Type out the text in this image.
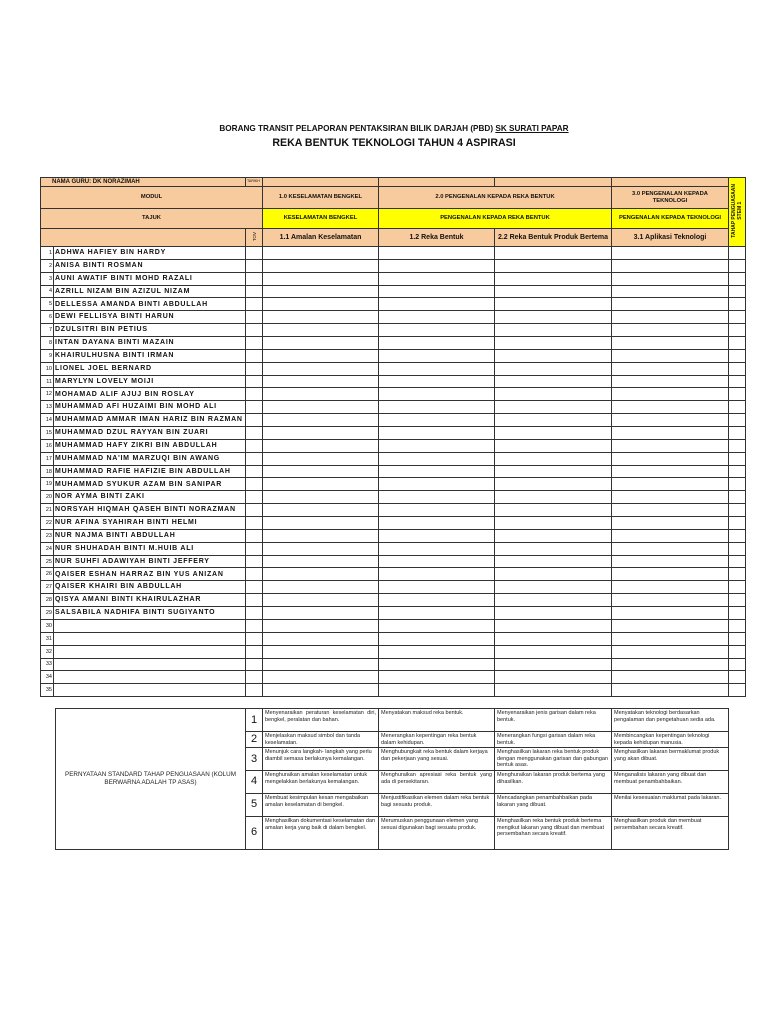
BORANG TRANSIT PELAPORAN PENTAKSIRAN BILIK DARJAH (PBD) SK SURATI PAPAR
REKA BENTUK TEKNOLOGI TAHUN 4 ASPIRASI
NAMA GURU: DK NORAZIMAH		TARIKH					TAHAP PENGUASAAN STEM 1

MODUL			1.0 KESELAMATAN BENGKEL	2.0 PENGENALAN KEPADA REKA BENTUK		3.0 PENGENALAN KEPADA TEKNOLOGI	
TAJUK			KESELAMATAN BENGKEL	PENGENALAN KEPADA REKA BENTUK		PENGENALAN KEPADA TEKNOLOGI	
		TOV	1.1 Amalan Keselamatan	1.2 Reka Bentuk	2.2 Reka Bentuk Produk Bertema	3.1 Aplikasi Teknologi	
1	ADHWA HAFIEY BIN HARDY						
2	ANISA BINTI ROSMAN						
3	AUNI AWATIF BINTI MOHD RAZALI						
4	AZRILL NIZAM BIN AZIZUL NIZAM						
5	DELLESSA AMANDA BINTI ABDULLAH						
6	DEWI FELLISYA BINTI HARUN						
7	DZULSITRI BIN PETIUS						
8	INTAN DAYANA BINTI MAZAIN						
9	KHAIRULHUSNA BINTI IRMAN						
10	LIONEL JOEL BERNARD						
11	MARYLYN LOVELY MOIJI						
12	MOHAMAD ALIF AJUJ BIN ROSLAY						
13	MUHAMMAD AFI HUZAIMI BIN MOHD ALI						
14	MUHAMMAD AMMAR IMAN HARIZ BIN RAZMAN						
15	MUHAMMAD DZUL RAYYAN BIN ZUARI						
16	MUHAMMAD HAFY ZIKRI BIN ABDULLAH						
17	MUHAMMAD NA'IM MARZUQI BIN AWANG						
18	MUHAMMAD RAFIE HAFIZIE BIN ABDULLAH						
19	MUHAMMAD SYUKUR AZAM BIN SANIPAR						
20	NOR AYMA BINTI ZAKI						
21	NORSYAH HIQMAH QASEH BINTI NORAZMAN						
22	NUR AFINA SYAHIRAH BINTI HELMI						
23	NUR NAJMA BINTI ABDULLAH						
24	NUR SHUHADAH BINTI M.HUIB ALI						
25	NUR SUHFI ADAWIYAH BINTI JEFFERY						
26	QAISER ESHAN HARRAZ BIN YUS ANIZAN						
27	QAISER KHAIRI BIN ABDULLAH						
28	QISYA AMANI BINTI KHAIRULAZHAR						
29	SALSABILA NADHIFA BINTI SUGIYANTO						
30							
31							
32							
33							
34							
35							
PERNYATAAN STANDARD TAHAP PENGUASAAN (KOLUM BERWARNA ADALAH TP ASAS)	1	Menyenaraikan peraturan keselamatan diri, bengkel, peralatan dan bahan.	Menyatakan maksud reka bentuk.	Menyenaraikan jenis garisan dalam reka bentuk.	Menyatakan teknologi berdasarkan pengalaman dan pengetahuan sedia ada.
	2	Menjelaskan maksud simbol dan tanda keselamatan.	Menerangkan kepentingan reka bentuk dalam kehidupan.	Menerangkan fungsi garisan dalam reka bentuk.	Membincangkan kepentingan teknologi kepada kehidupan manusia.
	3	Menunjuk cara langkah- langkah yang perlu diambil semasa berlakunya kemalangan.	Menghubungkait reka bentuk dalam kerjaya dan pekerjaan yang sesuai.	Menghasilkan lakaran reka bentuk produk dengan menggunakan garisan dan gabungan bentuk asas.	Menghasilkan lakaran bermaklumat produk yang akan dibuat.
	4	Menghuraikan amalan keselamatan untuk mengelakkan berlakunya kemalangan.	Menghuraikan apresiasi reka bentuk yang ada di persekitaran.	Menghuraikan lakaran produk bertema yang dihasilkan.	Menganalisis lakaran yang dibuat dan membuat penambahbaikan.
	5	Membuat kesimpulan kesan mengabaikan amalan keselamatan di bengkel.	Menjustifikasikan elemen dalam reka bentuk bagi sesuatu produk.	Mencadangkan penambahbaikan pada lakaran yang dibuat.	Menilai kesesuaian maklumat pada lakaran.
	6	Menghasilkan dokumentasi keselamatan dan amalan kerja yang baik di dalam bengkel.	Merumuskan penggunaan elemen yang sesuai digunakan bagi sesuatu produk.	Menghasilkan reka bentuk produk bertema mengikut lakaran yang dibuat dan membuat persembahan secara kreatif.	Menghasilkan produk dan membuat persembahan secara kreatif.
